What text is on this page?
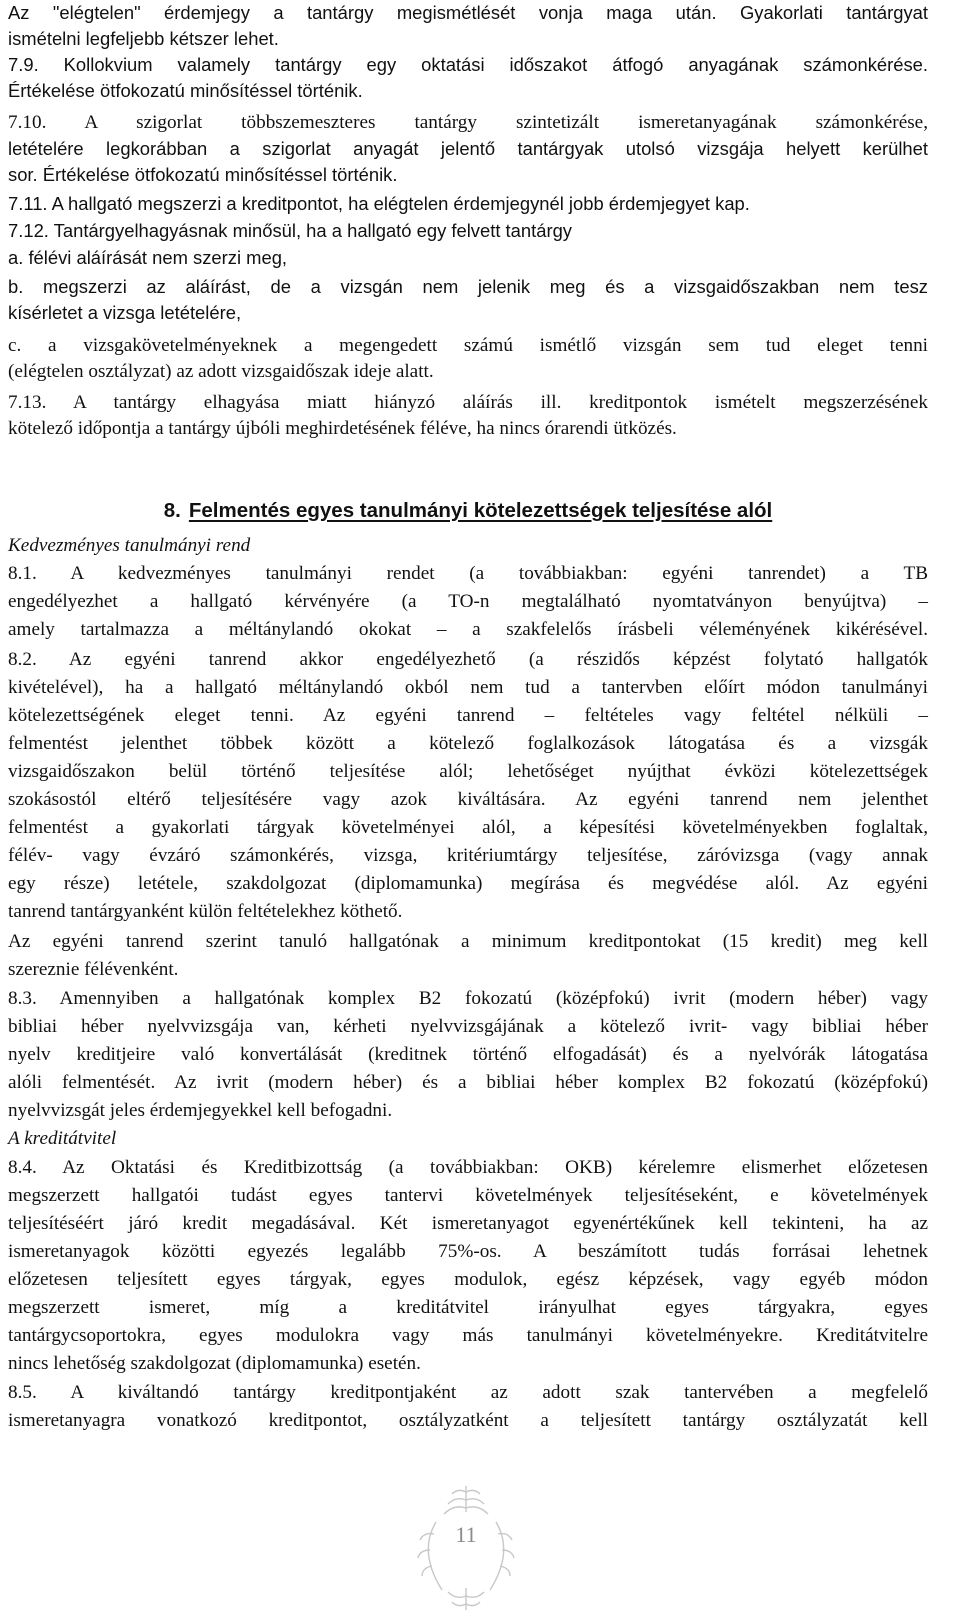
Az "elégtelen" érdemjegy a tantárgy megismétlését vonja maga után. Gyakorlati tantárgyat
ismételni legfeljebb kétszer lehet.
7.9. Kollokvium valamely tantárgy egy oktatási időszakot átfogó anyagának számonkérése.
Értékelése ötfokozatú minősítéssel történik.
7.10. A szigorlat többszemeszteres tantárgy szintetizált ismeretanyagának számonkérése,
letételére legkorábban a szigorlat anyagát jelentő tantárgyak utolsó vizsgája helyett kerülhet
sor. Értékelése ötfokozatú minősítéssel történik.
7.11. A hallgató megszerzi a kreditpontot, ha elégtelen érdemjegynél jobb érdemjegyet kap.
7.12. Tantárgyelhagyásnak minősül, ha a hallgató egy felvett tantárgy
a. félévi aláírását nem szerzi meg,
b. megszerzi az aláírást, de a vizsgán nem jelenik meg és a vizsgaidőszakban nem tesz
kísérletet a vizsga letételére,
c. a vizsgakövetelményeknek a megengedett számú ismétlő vizsgán sem tud eleget tenni
(elégtelen osztályzat) az adott vizsgaidőszak ideje alatt.
7.13. A tantárgy elhagyása miatt hiányzó aláírás ill. kreditpontok ismételt megszerzésének
kötelező időpontja a tantárgy újbóli meghirdetésének féléve, ha nincs órarendi ütközés.
8. Felmentés egyes tanulmányi kötelezettségek teljesítése alól
Kedvezményes tanulmányi rend
8.1. A kedvezményes tanulmányi rendet (a továbbiakban: egyéni tanrendet) a TB
engedélyezhet a hallgató kérvényére (a TO-n megtalálható nyomtatványon benyújtva) –
amely tartalmazza a méltánylandó okokat – a szakfelelős írásbeli véleményének kikérésével.
8.2. Az egyéni tanrend akkor engedélyezhető (a részidős képzést folytató hallgatók
kivételével), ha a hallgató méltánylandó okból nem tud a tantervben előírt módon tanulmányi
kötelezettségének eleget tenni. Az egyéni tanrend – feltételes vagy feltétel nélküli –
felmentést jelenthet többek között a kötelező foglalkozások látogatása és a vizsgák
vizsgaidőszakon belül történő teljesítése alól; lehetőséget nyújthat évközi kötelezettségek
szokásostól eltérő teljesítésére vagy azok kiváltására. Az egyéni tanrend nem jelenthet
felmentést a gyakorlati tárgyak követelményei alól, a képesítési követelményekben foglaltak,
félév- vagy évzáró számonkérés, vizsga, kritériumtárgy teljesítése, záróvizsga (vagy annak
egy része) letétele, szakdolgozat (diplomamunka) megírása és megvédése alól. Az egyéni
tanrend tantárgyanként külön feltételekhez köthető.
Az egyéni tanrend szerint tanuló hallgatónak a minimum kreditpontokat (15 kredit) meg kell
szereznie félévenként.
8.3. Amennyiben a hallgatónak komplex B2 fokozatú (középfokú) ivrit (modern héber) vagy
bibliai héber nyelvvizsgája van, kérheti nyelvvizsgájának a kötelező ivrit- vagy bibliai héber
nyelv kreditjeire való konvertálását (kreditnek történő elfogadását) és a nyelvórák látogatása
alóli felmentését. Az ivrit (modern héber) és a bibliai héber komplex B2 fokozatú (középfokú)
nyelvvizsgát jeles érdemjegyekkel kell befogadni.
A kreditátvitel
8.4. Az Oktatási és Kreditbizottság (a továbbiakban: OKB) kérelemre elismerhet előzetesen
megszerzett hallgatói tudást egyes tantervi követelmények teljesítéseként, e követelmények
teljesítéséért járó kredit megadásával. Két ismeretanyagot egyenértékűnek kell tekinteni, ha az
ismeretanyagok közötti egyezés legalább 75%-os. A beszámított tudás forrásai lehetnek
előzetesen teljesített egyes tárgyak, egyes modulok, egész képzések, vagy egyéb módon
megszerzett ismeret, míg a kreditátvitel irányulhat egyes tárgyakra, egyes
tantárgycsoportokra, egyes modulokra vagy más tanulmányi követelményekre. Kreditátvitelre
nincs lehetőség szakdolgozat (diplomamunka) esetén.
8.5. A kiváltandó tantárgy kreditpontjaként az adott szak tantervében a megfelelő
ismeretanyagra vonatkozó kreditpontot, osztályzatként a teljesített tantárgy osztályzatát kell
11
